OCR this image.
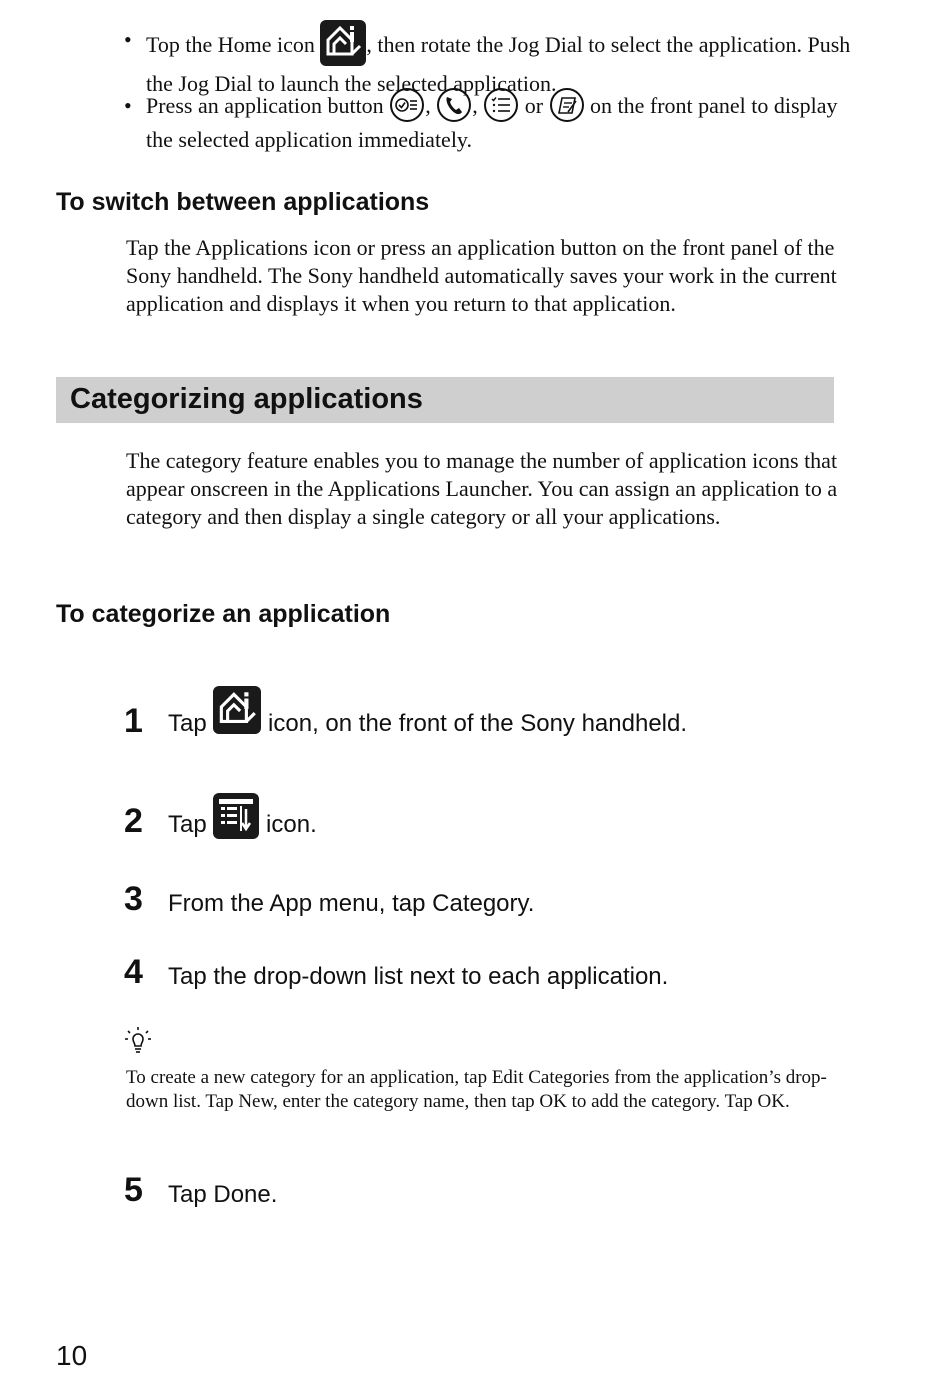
• Top the Home icon , then rotate the Jog Dial to select the application. Push the Jog Dial to launch the selected application.
• Press an application button , , or on the front panel to display the selected application immediately.
To switch between applications
Tap the Applications icon or press an application button on the front panel of the Sony handheld. The Sony handheld automatically saves your work in the current application and displays it when you return to that application.
Categorizing applications
The category feature enables you to manage the number of application icons that appear onscreen in the Applications Launcher. You can assign an application to a category and then display a single category or all your applications.
To categorize an application
1 Tap	icon, on the front of the Sony handheld.
2 Tap icon.
3 From the App menu, tap Category.
4 Tap the drop-down list next to each application.
To create a new category for an application, tap Edit Categories from the application’s drop-down list. Tap New, enter the category name, then tap OK to add the category. Tap OK.
5 Tap Done.
10
